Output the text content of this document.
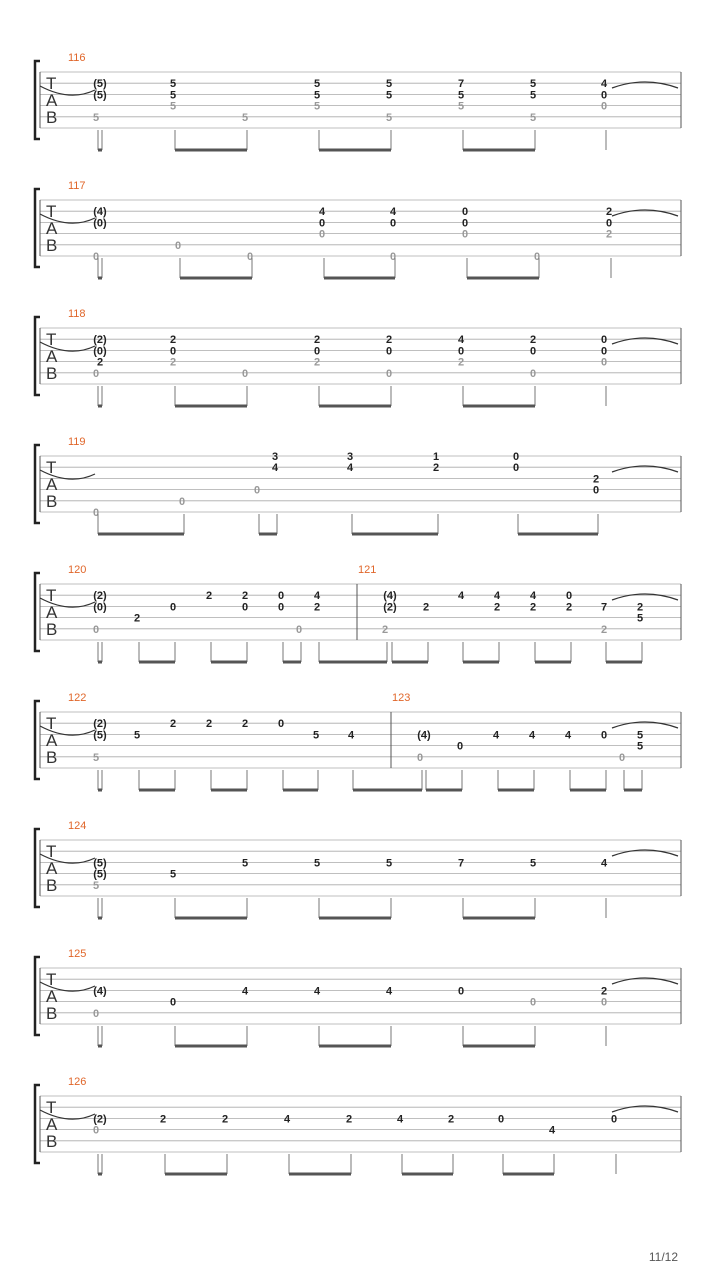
T
A
B
116
(5)
(5)
5
5
5
5
5
5
5
5
5
5
5
7
5
5
5
5
5
4
0
0
T
A
B
117
(4)
(0)
0
0
0
4
0
0
4
0
0
0
0
0
0
2
0
2
T
A
B
118
(2)
(0)
2
0
2
0
2
0
2
0
2
2
0
0
4
0
2
2
0
0
0
0
0
T
A
B
119
0
0
0
3
4
3
4
1
2
0
0
2
0
T
A
B
120	121
(2)
(0)
0
2
0
2	2
0
0
0
0
4
2
(4)
(2)
2
2
4	4
2
4
2
0
2	7
2
2
5
T
A
B
122	123
(2)
(5)
5
5
2	2	2	0
5	4	(4)
0
0
4	4	4	0
0
5
5
T
A
B
124
(5)
(5)
5
5
5	5	5	7	5	4
T
A
B
125
(4)
0
0
4	4	4	0
0
2
0
T
A
B
126
(2)
0
2	2	4	2	4	2	0
4
0
11/12
